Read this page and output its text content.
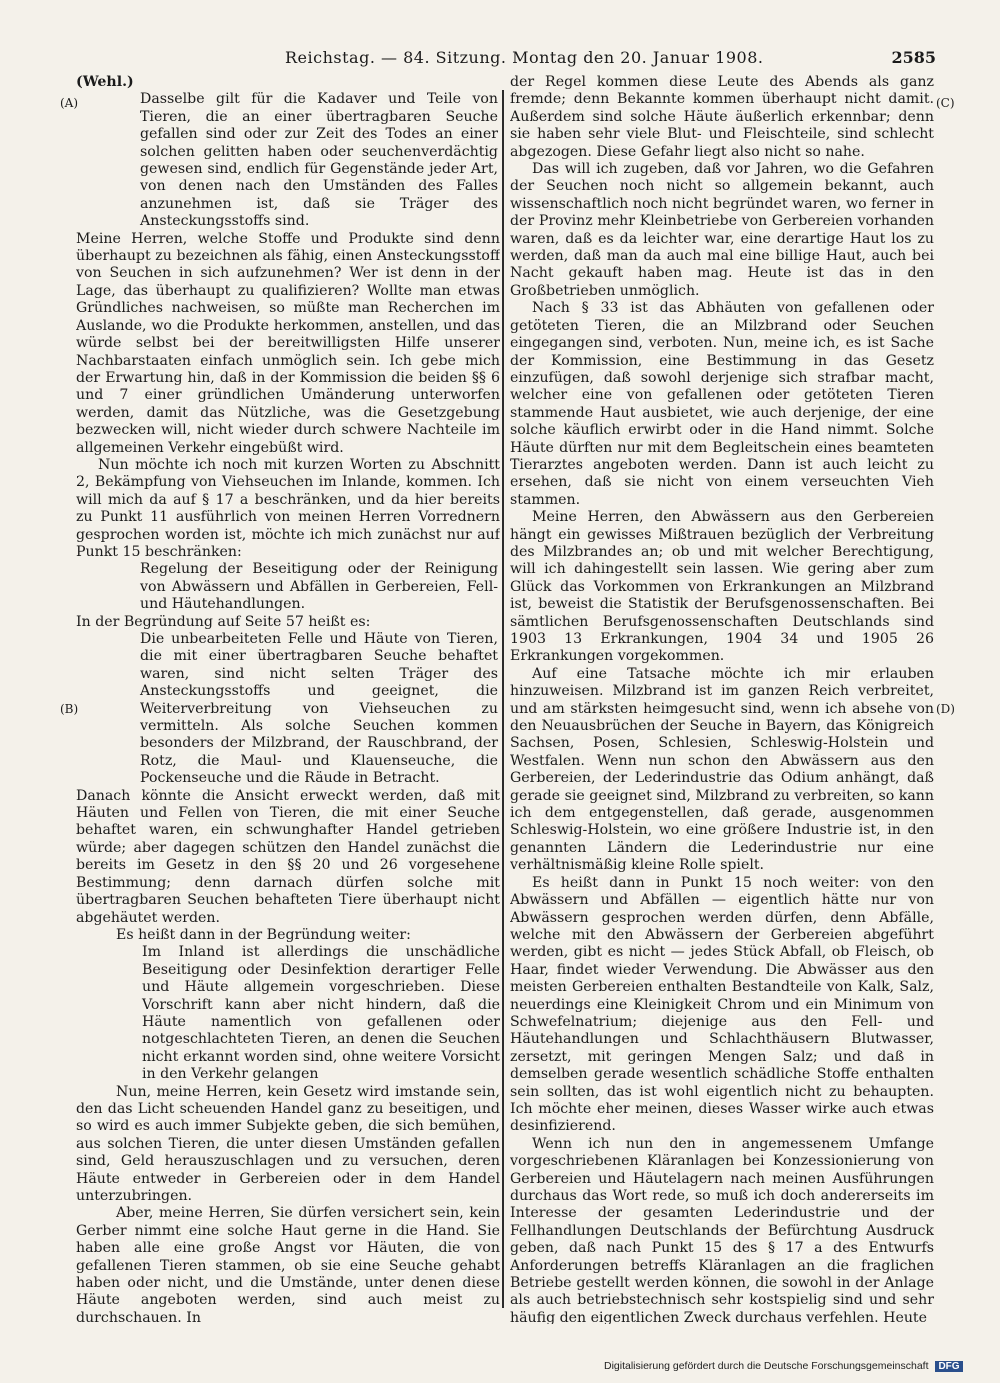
Reichstag. — 84. Sitzung. Montag den 20. Januar 1908.	2585
(A)
(B)
(C)
(D)

(Wehl.)

Dasselbe gilt für die Kadaver und Teile von Tieren, die an einer übertragbaren Seuche gefallen sind oder zur Zeit des Todes an einer solchen gelitten haben oder seuchenverdächtig gewesen sind, endlich für Gegenstände jeder Art, von denen nach den Umständen des Falles anzunehmen ist, daß sie Träger des Ansteckungsstoffs sind.

Meine Herren, welche Stoffe und Produkte sind denn überhaupt zu bezeichnen als fähig, einen Ansteckungsstoff von Seuchen in sich aufzunehmen? Wer ist denn in der Lage, das überhaupt zu qualifizieren? Wollte man etwas Gründliches nachweisen, so müßte man Recherchen im Auslande, wo die Produkte herkommen, anstellen, und das würde selbst bei der bereitwilligsten Hilfe unserer Nachbarstaaten einfach unmöglich sein. Ich gebe mich der Erwartung hin, daß in der Kommission die beiden §§ 6 und 7 einer gründlichen Umänderung unterworfen werden, damit das Nützliche, was die Gesetzgebung bezwecken will, nicht wieder durch schwere Nachteile im allgemeinen Verkehr eingebüßt wird.

Nun möchte ich noch mit kurzen Worten zu Abschnitt 2, Bekämpfung von Viehseuchen im Inlande, kommen. Ich will mich da auf § 17 a beschränken, und da hier bereits zu Punkt 11 ausführlich von meinen Herren Vorrednern gesprochen worden ist, möchte ich mich zunächst nur auf Punkt 15 beschränken:

Regelung der Beseitigung oder der Reinigung von Abwässern und Abfällen in Gerbereien, Fell- und Häutehandlungen.

In der Begründung auf Seite 57 heißt es:

Die unbearbeiteten Felle und Häute von Tieren, die mit einer übertragbaren Seuche behaftet waren, sind nicht selten Träger des Ansteckungsstoffs und geeignet, die Weiterverbreitung von Viehseuchen zu vermitteln. Als solche Seuchen kommen besonders der Milzbrand, der Rauschbrand, der Rotz, die Maul- und Klauenseuche, die Pockenseuche und die Räude in Betracht.

Danach könnte die Ansicht erweckt werden, daß mit Häuten und Fellen von Tieren, die mit einer Seuche behaftet waren, ein schwunghafter Handel getrieben würde; aber dagegen schützen den Handel zunächst die bereits im Gesetz in den §§ 20 und 26 vorgesehene Bestimmung; denn darnach dürfen solche mit übertragbaren Seuchen behafteten Tiere überhaupt nicht abgehäutet werden.

Es heißt dann in der Begründung weiter:

Im Inland ist allerdings die unschädliche Beseitigung oder Desinfektion derartiger Felle und Häute allgemein vorgeschrieben. Diese Vorschrift kann aber nicht hindern, daß die Häute namentlich von gefallenen oder notgeschlachteten Tieren, an denen die Seuchen nicht erkannt worden sind, ohne weitere Vorsicht in den Verkehr gelangen

Nun, meine Herren, kein Gesetz wird imstande sein, den das Licht scheuenden Handel ganz zu beseitigen, und so wird es auch immer Subjekte geben, die sich bemühen, aus solchen Tieren, die unter diesen Umständen gefallen sind, Geld herauszuschlagen und zu versuchen, deren Häute entweder in Gerbereien oder in dem Handel unterzubringen.

Aber, meine Herren, Sie dürfen versichert sein, kein Gerber nimmt eine solche Haut gerne in die Hand. Sie haben alle eine große Angst vor Häuten, die von gefallenen Tieren stammen, ob sie eine Seuche gehabt haben oder nicht, und die Umstände, unter denen diese Häute angeboten werden, sind auch meist zu durchschauen. In

der Regel kommen diese Leute des Abends als ganz fremde; denn Bekannte kommen überhaupt nicht damit. Außerdem sind solche Häute äußerlich erkennbar; denn sie haben sehr viele Blut- und Fleischteile, sind schlecht abgezogen. Diese Gefahr liegt also nicht so nahe.

Das will ich zugeben, daß vor Jahren, wo die Gefahren der Seuchen noch nicht so allgemein bekannt, auch wissenschaftlich noch nicht begründet waren, wo ferner in der Provinz mehr Kleinbetriebe von Gerbereien vorhanden waren, daß es da leichter war, eine derartige Haut los zu werden, daß man da auch mal eine billige Haut, auch bei Nacht gekauft haben mag. Heute ist das in den Großbetrieben unmöglich.

Nach § 33 ist das Abhäuten von gefallenen oder getöteten Tieren, die an Milzbrand oder Seuchen eingegangen sind, verboten. Nun, meine ich, es ist Sache der Kommission, eine Bestimmung in das Gesetz einzufügen, daß sowohl derjenige sich strafbar macht, welcher eine von gefallenen oder getöteten Tieren stammende Haut ausbietet, wie auch derjenige, der eine solche käuflich erwirbt oder in die Hand nimmt. Solche Häute dürften nur mit dem Begleitschein eines beamteten Tierarztes angeboten werden. Dann ist auch leicht zu ersehen, daß sie nicht von einem verseuchten Vieh stammen.

Meine Herren, den Abwässern aus den Gerbereien hängt ein gewisses Mißtrauen bezüglich der Verbreitung des Milzbrandes an; ob und mit welcher Berechtigung, will ich dahingestellt sein lassen. Wie gering aber zum Glück das Vorkommen von Erkrankungen an Milzbrand ist, beweist die Statistik der Berufsgenossenschaften. Bei sämtlichen Berufsgenossenschaften Deutschlands sind 1903 13 Erkrankungen, 1904 34 und 1905 26 Erkrankungen vorgekommen.

Auf eine Tatsache möchte ich mir erlauben hinzuweisen. Milzbrand ist im ganzen Reich verbreitet, und am stärksten heimgesucht sind, wenn ich absehe von den Neuausbrüchen der Seuche in Bayern, das Königreich Sachsen, Posen, Schlesien, Schleswig-Holstein und Westfalen. Wenn nun schon den Abwässern aus den Gerbereien, der Lederindustrie das Odium anhängt, daß gerade sie geeignet sind, Milzbrand zu verbreiten, so kann ich dem entgegenstellen, daß gerade, ausgenommen Schleswig-Holstein, wo eine größere Industrie ist, in den genannten Ländern die Lederindustrie nur eine verhältnismäßig kleine Rolle spielt.

Es heißt dann in Punkt 15 noch weiter: von den Abwässern und Abfällen — eigentlich hätte nur von Abwässern gesprochen werden dürfen, denn Abfälle, welche mit den Abwässern der Gerbereien abgeführt werden, gibt es nicht — jedes Stück Abfall, ob Fleisch, ob Haar, findet wieder Verwendung. Die Abwässer aus den meisten Gerbereien enthalten Bestandteile von Kalk, Salz, neuerdings eine Kleinigkeit Chrom und ein Minimum von Schwefelnatrium; diejenige aus den Fell- und Häutehandlungen und Schlachthäusern Blutwasser, zersetzt, mit geringen Mengen Salz; und daß in demselben gerade wesentlich schädliche Stoffe enthalten sein sollten, das ist wohl eigentlich nicht zu behaupten. Ich möchte eher meinen, dieses Wasser wirke auch etwas desinfizierend.

Wenn ich nun den in angemessenem Umfange vorgeschriebenen Kläranlagen bei Konzessionierung von Gerbereien und Häutelagern nach meinen Ausführungen durchaus das Wort rede, so muß ich doch andererseits im Interesse der gesamten Lederindustrie und der Fellhandlungen Deutschlands der Befürchtung Ausdruck geben, daß nach Punkt 15 des § 17 a des Entwurfs Anforderungen betreffs Kläranlagen an die fraglichen Betriebe gestellt werden können, die sowohl in der Anlage als auch betriebstechnisch sehr kostspielig sind und sehr häufig den eigentlichen Zweck durchaus verfehlen. Heute

Digitalisierung gefördert durch die Deutsche Forschungsgemeinschaft DFG
